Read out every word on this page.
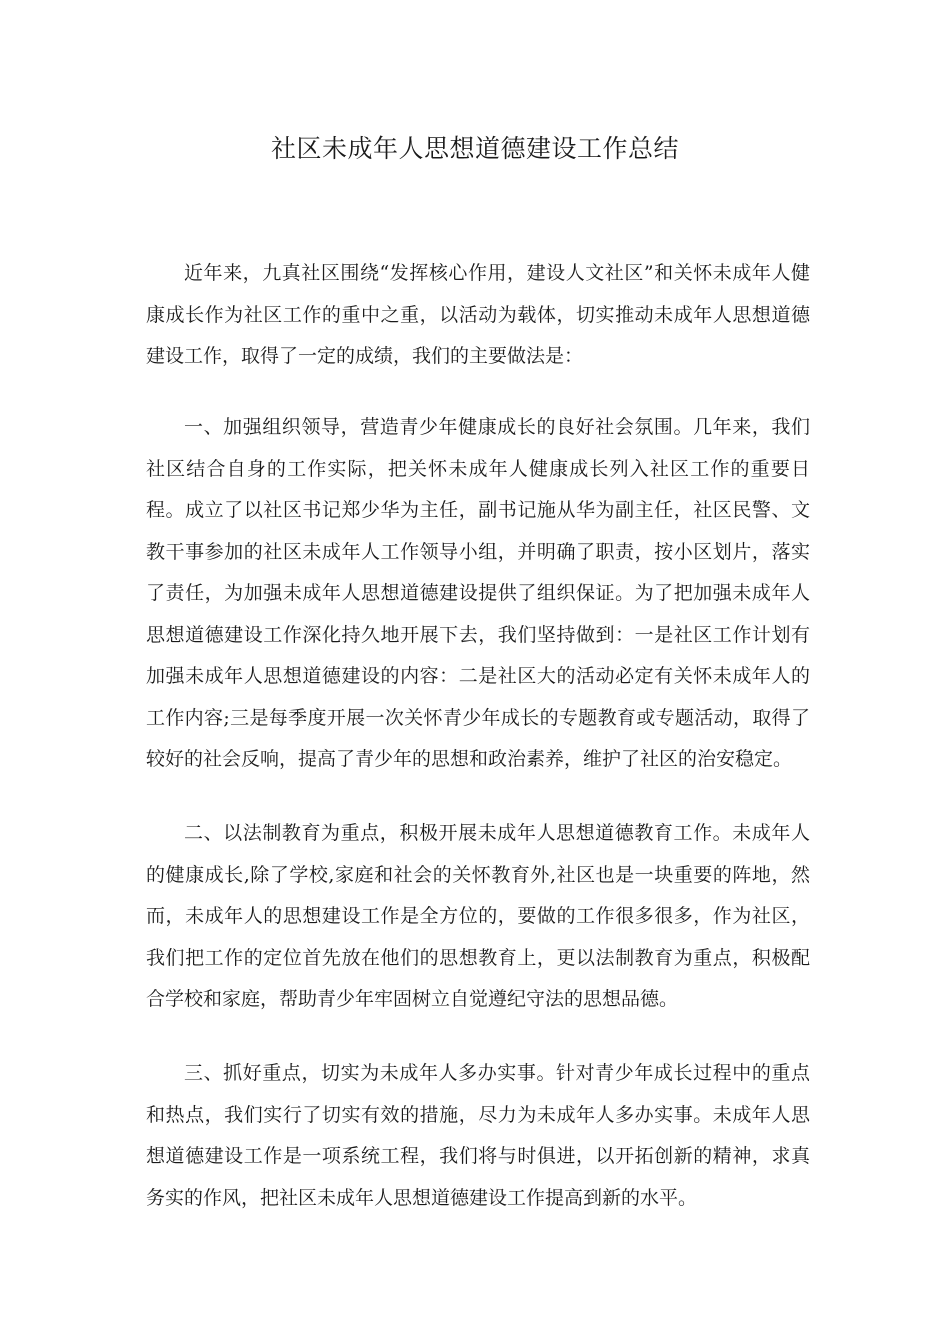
社区未成年人思想道德建设工作总结

近年来，九真社区围绕“发挥核心作用，建设人文社区”和关怀未成年人健康成长作为社区工作的重中之重，以活动为载体，切实推动未成年人思想道德建设工作，取得了一定的成绩，我们的主要做法是：

一、加强组织领导，营造青少年健康成长的良好社会氛围。几年来，我们社区结合自身的工作实际，把关怀未成年人健康成长列入社区工作的重要日程。成立了以社区书记郑少华为主任，副书记施从华为副主任，社区民警、文教干事参加的社区未成年人工作领导小组，并明确了职责，按小区划片，落实了责任，为加强未成年人思想道德建设提供了组织保证。为了把加强未成年人思想道德建设工作深化持久地开展下去，我们坚持做到：一是社区工作计划有加强未成年人思想道德建设的内容：二是社区大的活动必定有关怀未成年人的工作内容;三是每季度开展一次关怀青少年成长的专题教育或专题活动，取得了较好的社会反响，提高了青少年的思想和政治素养，维护了社区的治安稳定。

二、以法制教育为重点，积极开展未成年人思想道德教育工作。未成年人的健康成长,除了学校,家庭和社会的关怀教育外,社区也是一块重要的阵地，然而，未成年人的思想建设工作是全方位的，要做的工作很多很多，作为社区，我们把工作的定位首先放在他们的思想教育上，更以法制教育为重点，积极配合学校和家庭，帮助青少年牢固树立自觉遵纪守法的思想品德。

三、抓好重点，切实为未成年人多办实事。针对青少年成长过程中的重点和热点，我们实行了切实有效的措施，尽力为未成年人多办实事。未成年人思想道德建设工作是一项系统工程，我们将与时俱进，以开拓创新的精神，求真务实的作风，把社区未成年人思想道德建设工作提高到新的水平。
